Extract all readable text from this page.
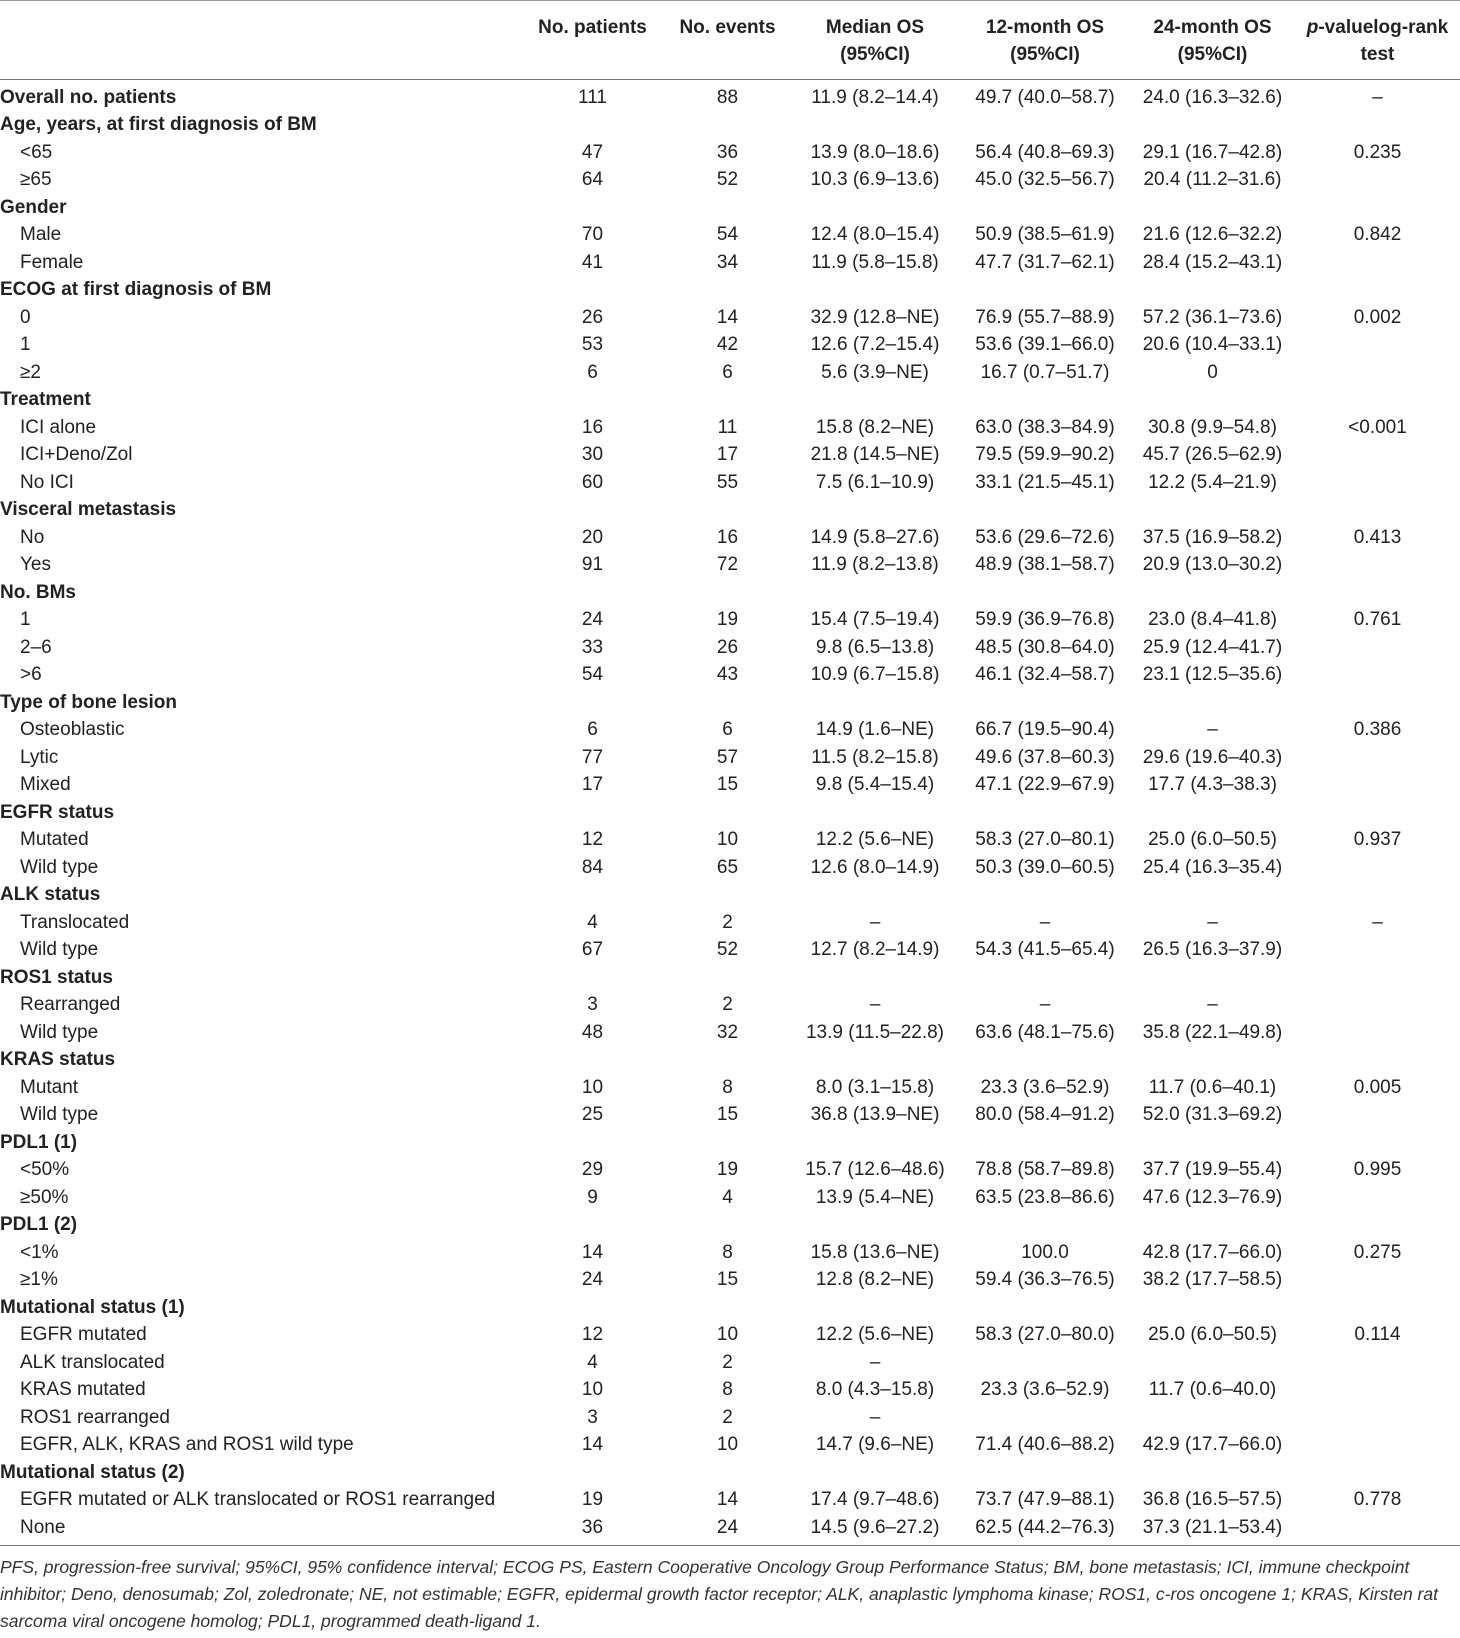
	No. patients	No. events	Median OS (95%CI)	12-month OS (95%CI)	24-month OS (95%CI)	p-valuelog-rank test
Overall no. patients	111	88	11.9 (8.2–14.4)	49.7 (40.0–58.7)	24.0 (16.3–32.6)	–
Age, years, at first diagnosis of BM						
<65	47	36	13.9 (8.0–18.6)	56.4 (40.8–69.3)	29.1 (16.7–42.8)	0.235
≥65	64	52	10.3 (6.9–13.6)	45.0 (32.5–56.7)	20.4 (11.2–31.6)	
Gender						
Male	70	54	12.4 (8.0–15.4)	50.9 (38.5–61.9)	21.6 (12.6–32.2)	0.842
Female	41	34	11.9 (5.8–15.8)	47.7 (31.7–62.1)	28.4 (15.2–43.1)	
ECOG at first diagnosis of BM						
0	26	14	32.9 (12.8–NE)	76.9 (55.7–88.9)	57.2 (36.1–73.6)	0.002
1	53	42	12.6 (7.2–15.4)	53.6 (39.1–66.0)	20.6 (10.4–33.1)	
≥2	6	6	5.6 (3.9–NE)	16.7 (0.7–51.7)	0	
Treatment						
ICI alone	16	11	15.8 (8.2–NE)	63.0 (38.3–84.9)	30.8 (9.9–54.8)	<0.001
ICI+Deno/Zol	30	17	21.8 (14.5–NE)	79.5 (59.9–90.2)	45.7 (26.5–62.9)	
No ICI	60	55	7.5 (6.1–10.9)	33.1 (21.5–45.1)	12.2 (5.4–21.9)	
Visceral metastasis						
No	20	16	14.9 (5.8–27.6)	53.6 (29.6–72.6)	37.5 (16.9–58.2)	0.413
Yes	91	72	11.9 (8.2–13.8)	48.9 (38.1–58.7)	20.9 (13.0–30.2)	
No. BMs						
1	24	19	15.4 (7.5–19.4)	59.9 (36.9–76.8)	23.0 (8.4–41.8)	0.761
2–6	33	26	9.8 (6.5–13.8)	48.5 (30.8–64.0)	25.9 (12.4–41.7)	
>6	54	43	10.9 (6.7–15.8)	46.1 (32.4–58.7)	23.1 (12.5–35.6)	
Type of bone lesion						
Osteoblastic	6	6	14.9 (1.6–NE)	66.7 (19.5–90.4)	–	0.386
Lytic	77	57	11.5 (8.2–15.8)	49.6 (37.8–60.3)	29.6 (19.6–40.3)	
Mixed	17	15	9.8 (5.4–15.4)	47.1 (22.9–67.9)	17.7 (4.3–38.3)	
EGFR status						
Mutated	12	10	12.2 (5.6–NE)	58.3 (27.0–80.1)	25.0 (6.0–50.5)	0.937
Wild type	84	65	12.6 (8.0–14.9)	50.3 (39.0–60.5)	25.4 (16.3–35.4)	
ALK status						
Translocated	4	2	–	–	–	–
Wild type	67	52	12.7 (8.2–14.9)	54.3 (41.5–65.4)	26.5 (16.3–37.9)	
ROS1 status						
Rearranged	3	2	–	–	–	
Wild type	48	32	13.9 (11.5–22.8)	63.6 (48.1–75.6)	35.8 (22.1–49.8)	
KRAS status						
Mutant	10	8	8.0 (3.1–15.8)	23.3 (3.6–52.9)	11.7 (0.6–40.1)	0.005
Wild type	25	15	36.8 (13.9–NE)	80.0 (58.4–91.2)	52.0 (31.3–69.2)	
PDL1 (1)						
<50%	29	19	15.7 (12.6–48.6)	78.8 (58.7–89.8)	37.7 (19.9–55.4)	0.995
≥50%	9	4	13.9 (5.4–NE)	63.5 (23.8–86.6)	47.6 (12.3–76.9)	
PDL1 (2)						
<1%	14	8	15.8 (13.6–NE)	100.0	42.8 (17.7–66.0)	0.275
≥1%	24	15	12.8 (8.2–NE)	59.4 (36.3–76.5)	38.2 (17.7–58.5)	
Mutational status (1)						
EGFR mutated	12	10	12.2 (5.6–NE)	58.3 (27.0–80.0)	25.0 (6.0–50.5)	0.114
ALK translocated	4	2	–			
KRAS mutated	10	8	8.0 (4.3–15.8)	23.3 (3.6–52.9)	11.7 (0.6–40.0)	
ROS1 rearranged	3	2	–			
EGFR, ALK, KRAS and ROS1 wild type	14	10	14.7 (9.6–NE)	71.4 (40.6–88.2)	42.9 (17.7–66.0)	
Mutational status (2)						
EGFR mutated or ALK translocated or ROS1 rearranged	19	14	17.4 (9.7–48.6)	73.7 (47.9–88.1)	36.8 (16.5–57.5)	0.778
None	36	24	14.5 (9.6–27.2)	62.5 (44.2–76.3)	37.3 (21.1–53.4)	
PFS, progression-free survival; 95%CI, 95% confidence interval; ECOG PS, Eastern Cooperative Oncology Group Performance Status; BM, bone metastasis; ICI, immune checkpoint inhibitor; Deno, denosumab; Zol, zoledronate; NE, not estimable; EGFR, epidermal growth factor receptor; ALK, anaplastic lymphoma kinase; ROS1, c-ros oncogene 1; KRAS, Kirsten rat sarcoma viral oncogene homolog; PDL1, programmed death-ligand 1.
